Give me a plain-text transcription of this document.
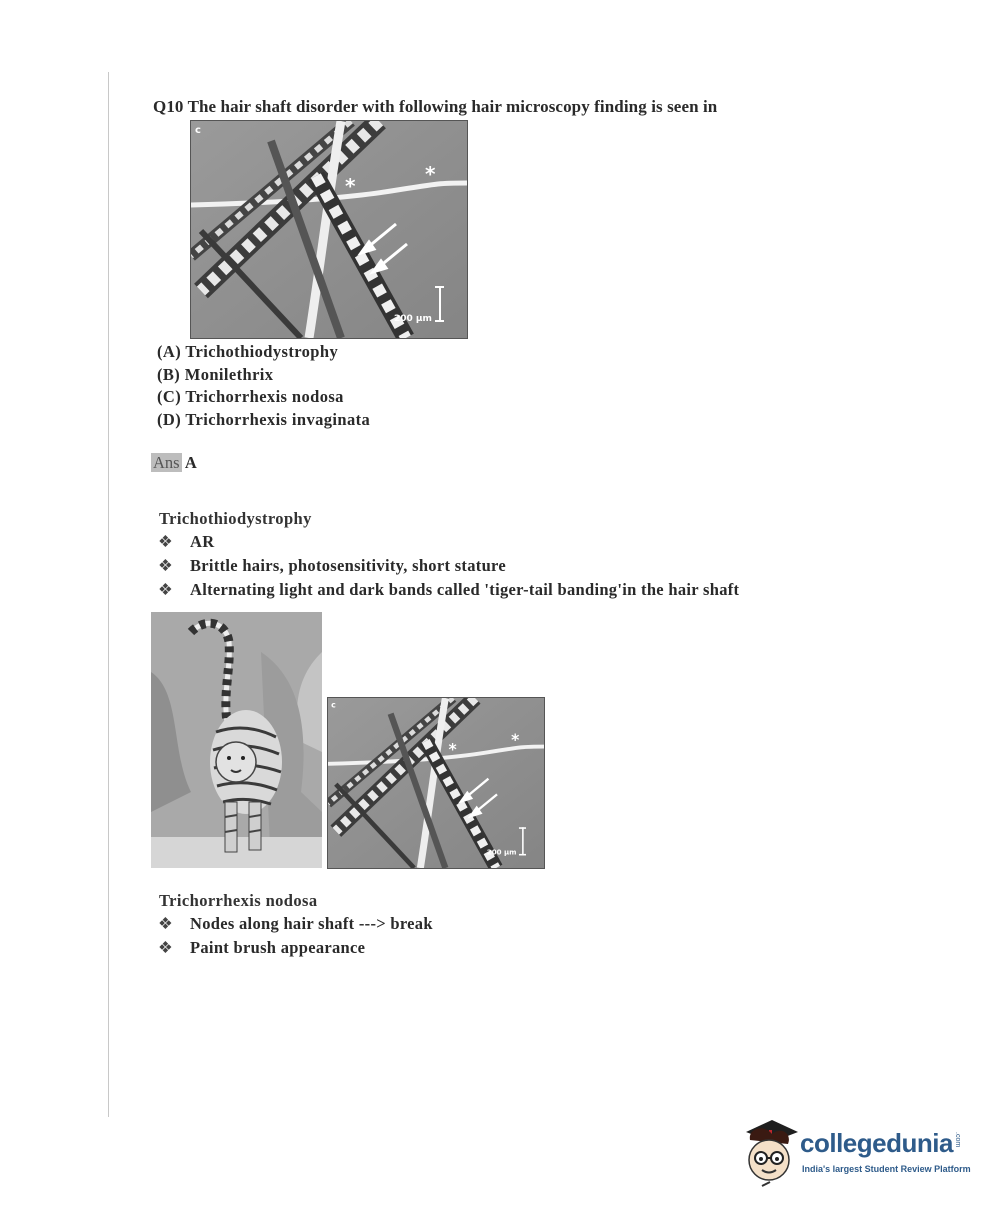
Q10 The hair shaft disorder with following hair microscopy finding is seen in
*	*
c
200 μm
(A) Trichothiodystrophy
(B) Monilethrix
(C) Trichorrhexis nodosa
(D) Trichorrhexis invaginata
Ans A
Trichothiodystrophy
❖ AR
❖ Brittle hairs, photosensitivity, short stature
❖ Alternating light and dark bands called 'tiger-tail banding'in the hair shaft
*	*
c
200 μm
Trichorrhexis nodosa
❖ Nodes along hair shaft ---> break
❖ Paint brush appearance
collegedunia .com
India's largest Student Review Platform
